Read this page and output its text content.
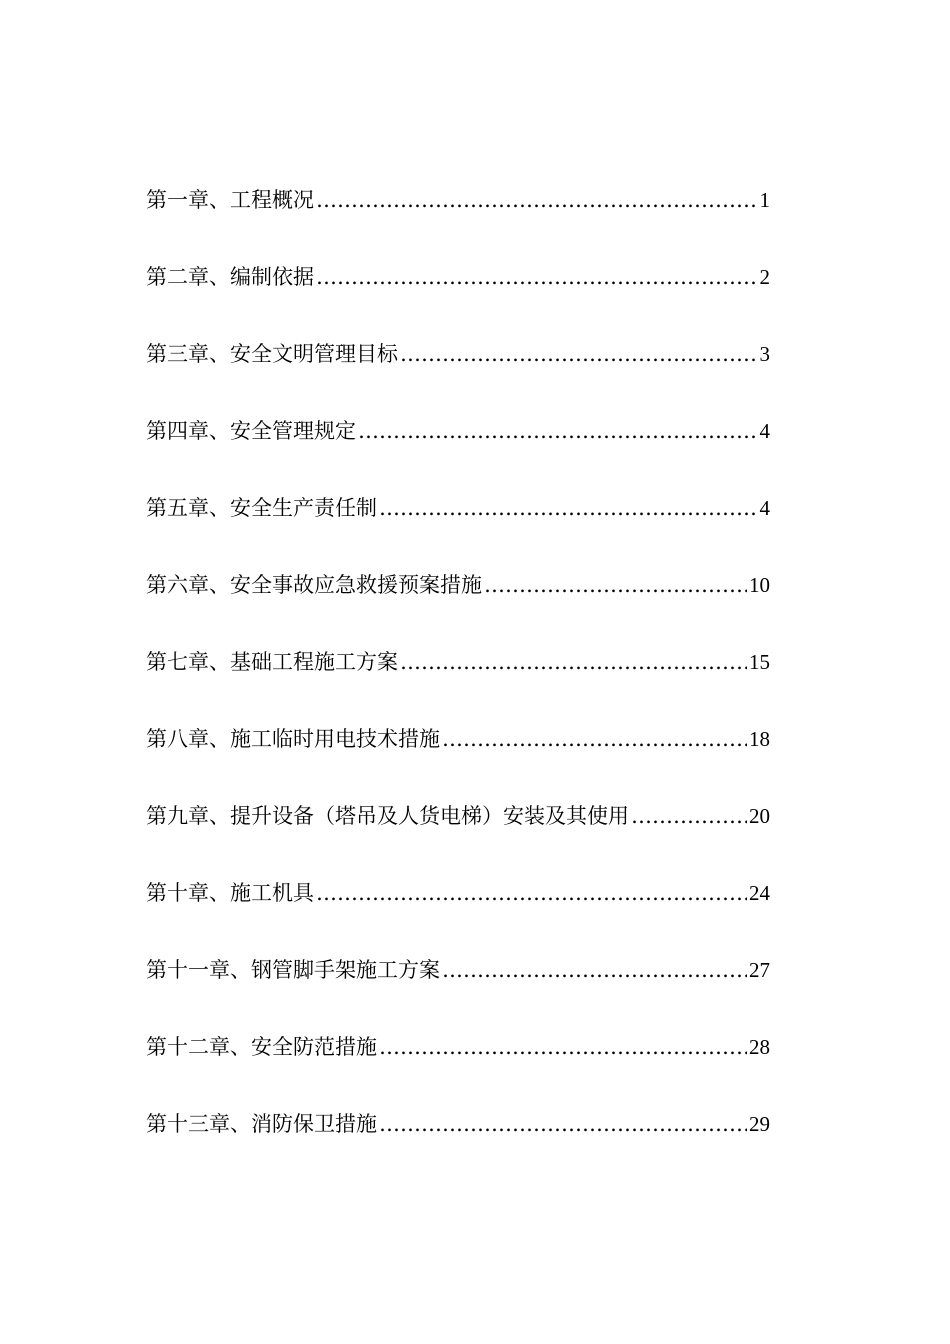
第一章、工程概况 …………………………………………………………………………………………………………………………	1
第二章、编制依据 …………………………………………………………………………………………………………………………	2
第三章、安全文明管理目标 …………………………………………………………………………………………………………………………	3
第四章、安全管理规定 …………………………………………………………………………………………………………………………	4
第五章、安全生产责任制 …………………………………………………………………………………………………………………………	4
第六章、安全事故应急救援预案措施 …………………………………………………………………………………………………………………………	10
第七章、基础工程施工方案 …………………………………………………………………………………………………………………………	15
第八章、施工临时用电技术措施 …………………………………………………………………………………………………………………………	18
第九章、提升设备（塔吊及人货电梯）安装及其使用 …………………………………………………………………………………………………………………………	20
第十章、施工机具 …………………………………………………………………………………………………………………………	24
第十一章、钢管脚手架施工方案 …………………………………………………………………………………………………………………………	27
第十二章、安全防范措施 …………………………………………………………………………………………………………………………	28
第十三章、消防保卫措施 …………………………………………………………………………………………………………………………	29
